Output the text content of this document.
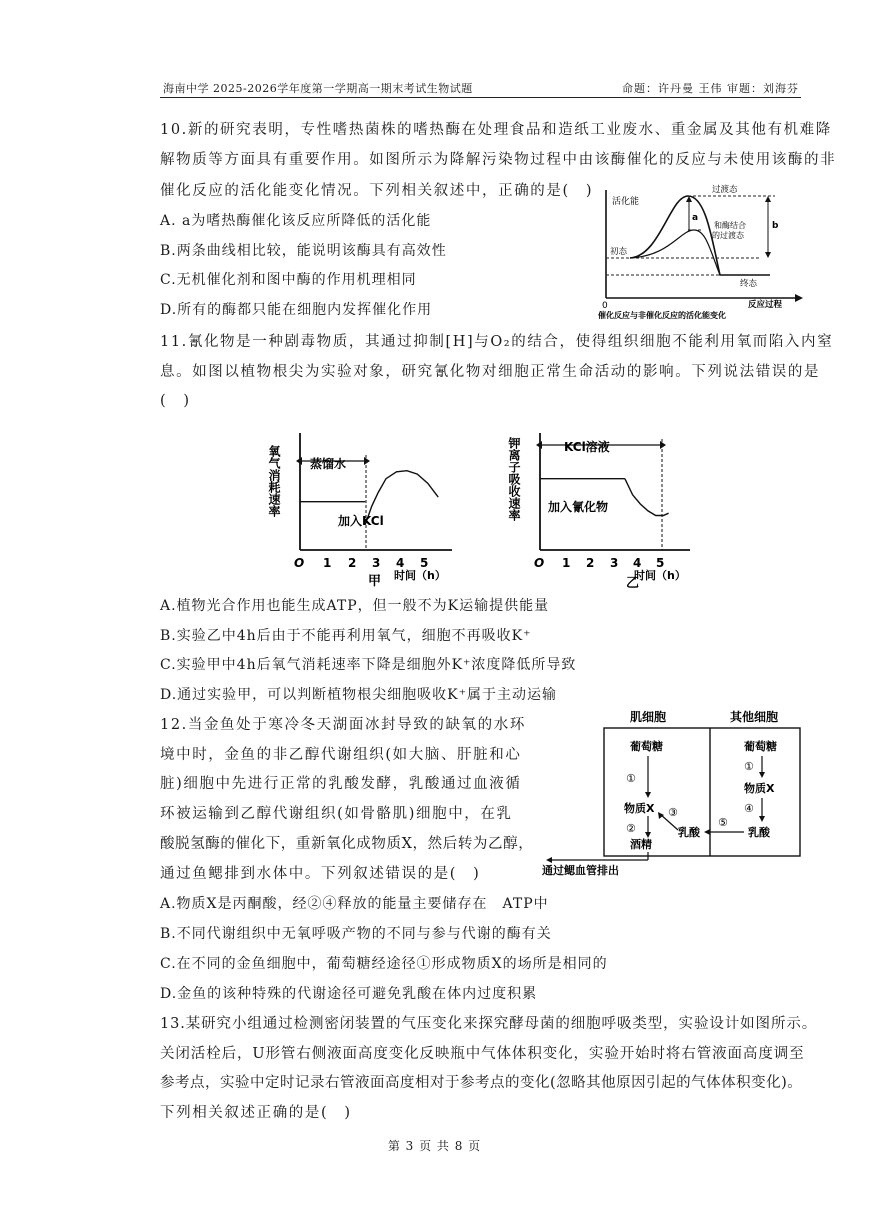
海南中学 2025-2026学年度第一学期高一期末考试生物试题	命题：许丹曼 王伟 审题：刘海芬
10.新的研究表明，专性嗜热菌株的嗜热酶在处理食品和造纸工业废水、重金属及其他有机难降
解物质等方面具有重要作用。如图所示为降解污染物过程中由该酶催化的反应与未使用该酶的非
催化反应的活化能变化情况。下列相关叙述中，正确的是(　)
A. a为嗜热酶催化该反应所降低的活化能
B.两条曲线相比较，能说明该酶具有高效性
C.无机催化剂和图中酶的作用机理相同
D.所有的酶都只能在细胞内发挥催化作用
活化能
a
b
过渡态
和酶结合
的过渡态
初态
终态
0	反应过程
催化反应与非催化反应的活化能变化
11.氰化物是一种剧毒物质，其通过抑制[H]与O₂的结合，使得组织细胞不能利用氧而陷入内窒
息。如图以植物根尖为实验对象，研究氰化物对细胞正常生命活动的影响。下列说法错误的是
(　)
氧气消耗速率 蒸馏水
加入KCl
O 1 2 3 4 5
时间（h）
甲
钾离子吸收速率	KCl溶液
加入氰化物
O 1 2 3 4 5
时间（h）
乙
A.植物光合作用也能生成ATP，但一般不为K运输提供能量
B.实验乙中4h后由于不能再利用氧气，细胞不再吸收K⁺
C.实验甲中4h后氧气消耗速率下降是细胞外K⁺浓度降低所导致
D.通过实验甲，可以判断植物根尖细胞吸收K⁺属于主动运输
12.当金鱼处于寒冷冬天湖面冰封导致的缺氧的水环
境中时，金鱼的非乙醇代谢组织(如大脑、肝脏和心
脏)细胞中先进行正常的乳酸发酵，乳酸通过血液循
环被运输到乙醇代谢组织(如骨骼肌)细胞中，在乳
酸脱氢酶的催化下，重新氧化成物质X，然后转为乙醇，
通过鱼鳃排到水体中。下列叙述错误的是(　)
肌细胞	其他细胞
葡萄糖
①
物质X
②
酒精
乳酸
③
葡萄糖
①
物质X
④
乳酸
⑤
通过鳃血管排出
A.物质X是丙酮酸，经②④释放的能量主要储存在　ATP中
B.不同代谢组织中无氧呼吸产物的不同与参与代谢的酶有关
C.在不同的金鱼细胞中，葡萄糖经途径①形成物质X的场所是相同的
D.金鱼的该种特殊的代谢途径可避免乳酸在体内过度积累
13.某研究小组通过检测密闭装置的气压变化来探究酵母菌的细胞呼吸类型，实验设计如图所示。
关闭活栓后，U形管右侧液面高度变化反映瓶中气体体积变化，实验开始时将右管液面高度调至
参考点，实验中定时记录右管液面高度相对于参考点的变化(忽略其他原因引起的气体体积变化)。
下列相关叙述正确的是(　)
第 3 页 共 8 页
